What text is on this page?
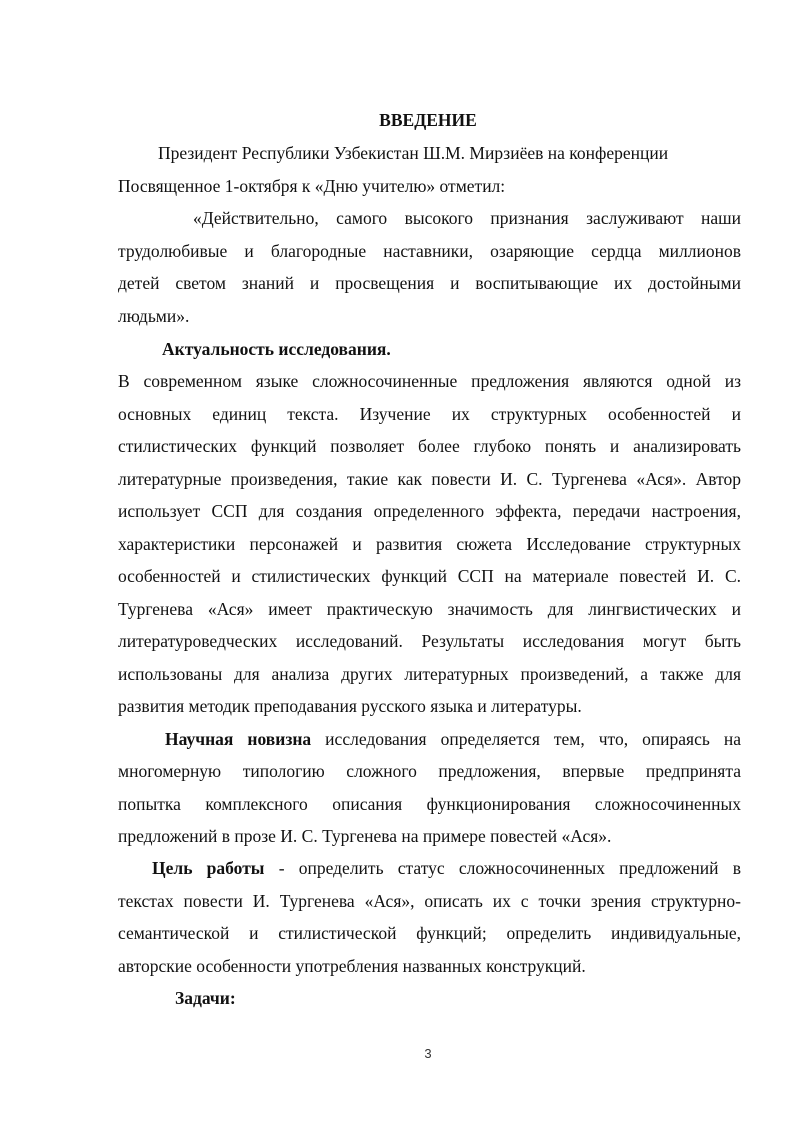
ВВЕДЕНИЕ
Президент Республики Узбекистан Ш.М. Мирзиёев на конференции
Посвященное 1-октября к «Дню учителю» отметил:
«Действительно, самого высокого признания заслуживают наши
трудолюбивые и благородные наставники, озаряющие сердца миллионов
детей светом знаний и просвещения и воспитывающие их достойными
людьми».
Актуальность исследования.
В современном языке сложносочиненные предложения являются одной из
основных единиц текста. Изучение их структурных особенностей и
стилистических функций позволяет более глубоко понять и анализировать
литературные произведения, такие как повести И. С. Тургенева «Ася». Автор
использует ССП для создания определенного эффекта, передачи настроения,
характеристики персонажей и развития сюжета Исследование структурных
особенностей и стилистических функций ССП на материале повестей И. С.
Тургенева «Ася» имеет практическую значимость для лингвистических и
литературоведческих исследований. Результаты исследования могут быть
использованы для анализа других литературных произведений, а также для
развития методик преподавания русского языка и литературы.
Научная новизна исследования определяется тем, что, опираясь на
многомерную типологию сложного предложения, впервые предпринята
попытка комплексного описания функционирования сложносочиненных
предложений в прозе И. С. Тургенева на примере повестей «Ася».
Цель работы - определить статус сложносочиненных предложений в
текстах повести И. Тургенева «Ася», описать их с точки зрения структурно-
семантической и стилистической функций; определить индивидуальные,
авторские особенности употребления названных конструкций.
Задачи:
3
